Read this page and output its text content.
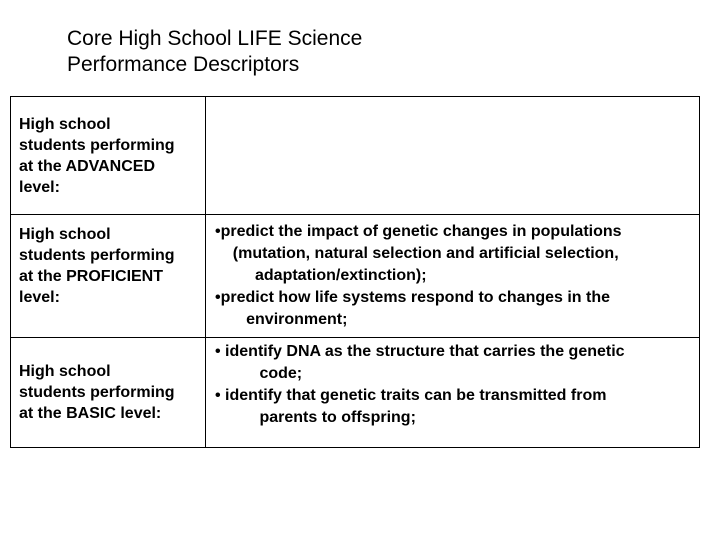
Core High School LIFE Science
Performance Descriptors
High school
students performing
at the ADVANCED
level:
High school
students performing
at the PROFICIENT
level:
•predict the impact of genetic changes in populations
(mutation, natural selection and artificial selection,
adaptation/extinction);
•predict how life systems respond to changes in the
environment;
High school
students performing
at the BASIC level:
• identify DNA as the structure that carries the genetic
code;
• identify that genetic traits can be transmitted from
parents to offspring;
